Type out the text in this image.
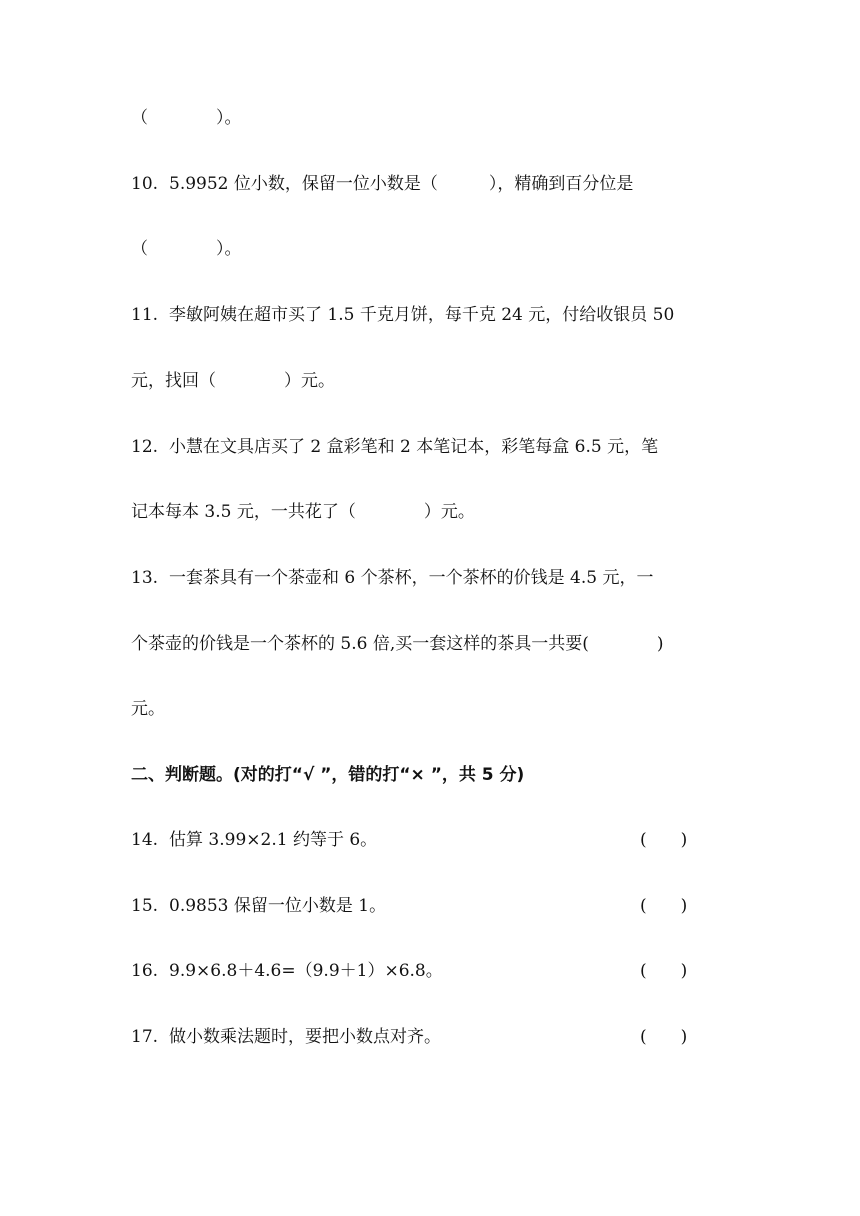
（　　　　）。
10. 5.9952 位小数，保留一位小数是（　　　），精确到百分位是
（　　　　）。
11. 李敏阿姨在超市买了 1.5 千克月饼，每千克 24 元，付给收银员 50
元，找回（　　　　）元。
12. 小慧在文具店买了 2 盒彩笔和 2 本笔记本，彩笔每盒 6.5 元，笔
记本每本 3.5 元，一共花了（　　　　）元。
13. 一套茶具有一个茶壶和 6 个茶杯，一个茶杯的价钱是 4.5 元，一
个茶壶的价钱是一个茶杯的 5.6 倍,买一套这样的茶具一共要(　　　　)
元。
二、判断题。(对的打“√ ”，错的打“× ”，共 5 分)
14. 估算 3.99×2.1 约等于 6。	(　　)
15. 0.9853 保留一位小数是 1。	(　　)
16. 9.9×6.8＋4.6=（9.9＋1）×6.8。	(　　)
17. 做小数乘法题时，要把小数点对齐。	(　　)
